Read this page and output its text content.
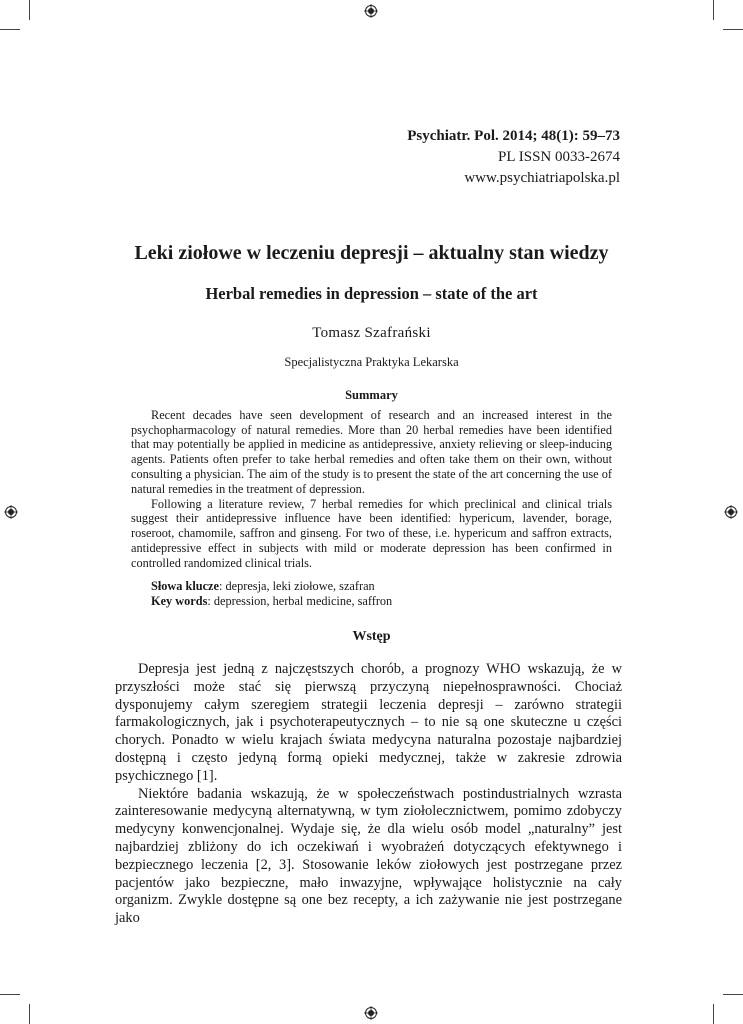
Psychiatr. Pol. 2014; 48(1): 59–73
PL ISSN 0033-2674
www.psychiatriapolska.pl
Leki ziołowe w leczeniu depresji – aktualny stan wiedzy
Herbal remedies in depression – state of the art
Tomasz Szafrański
Specjalistyczna Praktyka Lekarska
Summary

Recent decades have seen development of research and an increased interest in the psychopharmacology of natural remedies. More than 20 herbal remedies have been identified that may potentially be applied in medicine as antidepressive, anxiety relieving or sleep-inducing agents. Patients often prefer to take herbal remedies and often take them on their own, without consulting a physician. The aim of the study is to present the state of the art concerning the use of natural remedies in the treatment of depression.

Following a literature review, 7 herbal remedies for which preclinical and clinical trials suggest their antidepressive influence have been identified: hypericum, lavender, borage, roseroot, chamomile, saffron and ginseng. For two of these, i.e. hypericum and saffron extracts, antidepressive effect in subjects with mild or moderate depression has been confirmed in controlled randomized clinical trials.

Słowa klucze: depresja, leki ziołowe, szafran
Key words: depression, herbal medicine, saffron
Wstęp

Depresja jest jedną z najczęstszych chorób, a prognozy WHO wskazują, że w przyszłości może stać się pierwszą przyczyną niepełnosprawności. Chociaż dysponujemy całym szeregiem strategii leczenia depresji – zarówno strategii farmakologicznych, jak i psychoterapeutycznych – to nie są one skuteczne u części chorych. Ponadto w wielu krajach świata medycyna naturalna pozostaje najbardziej dostępną i często jedyną formą opieki medycznej, także w zakresie zdrowia psychicznego [1].

Niektóre badania wskazują, że w społeczeństwach postindustrialnych wzrasta zainteresowanie medycyną alternatywną, w tym ziołolecznictwem, pomimo zdobyczy medycyny konwencjonalnej. Wydaje się, że dla wielu osób model „naturalny” jest najbardziej zbliżony do ich oczekiwań i wyobrażeń dotyczących efektywnego i bezpiecznego leczenia [2, 3]. Stosowanie leków ziołowych jest postrzegane przez pacjentów jako bezpieczne, mało inwazyjne, wpływające holistycznie na cały organizm. Zwykle dostępne są one bez recepty, a ich zażywanie nie jest postrzegane jako
